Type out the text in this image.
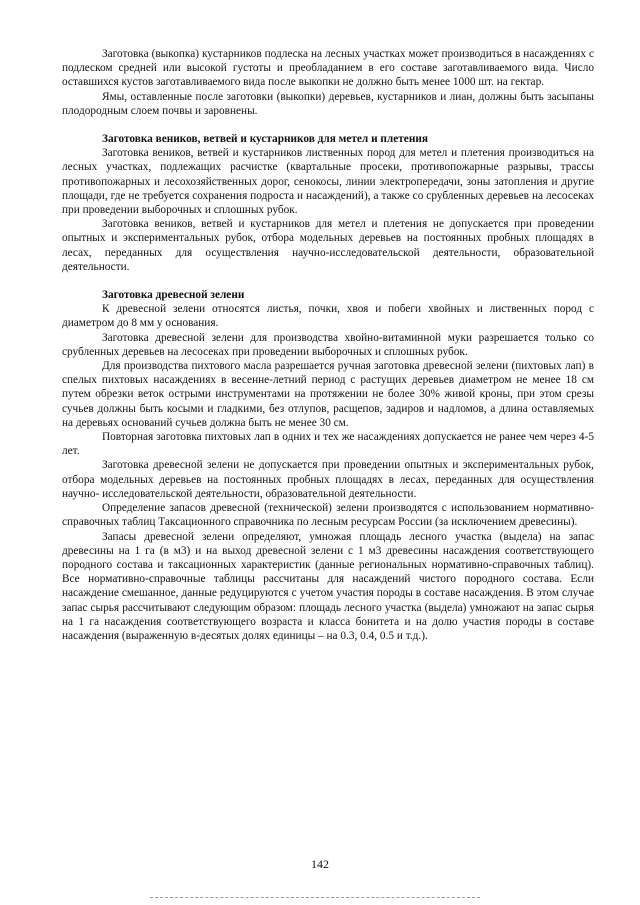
Заготовка (выкопка) кустарников подлеска на лесных участках может производиться в насаждениях с подлеском средней или высокой густоты и преобладанием в его составе заготавливаемого вида. Число оставшихся кустов заготавливаемого вида после выкопки не должно быть менее 1000 шт. на гектар.

Ямы, оставленные после заготовки (выкопки) деревьев, кустарников и лиан, должны быть засыпаны плодородным слоем почвы и заровнены.

Заготовка веников, ветвей и кустарников для метел и плетения

Заготовка веников, ветвей и кустарников лиственных пород для метел и плетения производиться на лесных участках, подлежащих расчистке (квартальные просеки, противопожарные разрывы, трассы противопожарных и лесохозяйственных дорог, сенокосы, линии электропередачи, зоны затопления и другие площади, где не требуется сохранения подроста и насаждений), а также со срубленных деревьев на лесосеках при проведении выборочных и сплошных рубок.

Заготовка веников, ветвей и кустарников для метел и плетения не допускается при проведении опытных и экспериментальных рубок, отбора модельных деревьев на постоянных пробных площадях в лесах, переданных для осуществления научно-исследовательской деятельности, образовательной деятельности.

Заготовка древесной зелени

К древесной зелени относятся листья, почки, хвоя и побеги хвойных и лиственных пород с диаметром до 8 мм у основания.

Заготовка древесной зелени для производства хвойно-витаминной муки разрешается только со срубленных деревьев на лесосеках при проведении выборочных и сплошных рубок.

Для производства пихтового масла разрешается ручная заготовка древесной зелени (пихтовых лап) в спелых пихтовых насаждениях в весенне-летний период с растущих деревьев диаметром не менее 18 см путем обрезки веток острыми инструментами на протяжении не более 30% живой кроны, при этом срезы сучьев должны быть косыми и гладкими, без отлупов, расщепов, задиров и надломов, а длина оставляемых на деревьях оснований сучьев должна быть не менее 30 см.

Повторная заготовка пихтовых лап в одних и тех же насаждениях допускается не ранее чем через 4-5 лет.

Заготовка древесной зелени не допускается при проведении опытных и экспериментальных рубок, отбора модельных деревьев на постоянных пробных площадях в лесах, переданных для осуществления научно- исследовательской деятельности, образовательной деятельности.

Определение запасов древесной (технической) зелени производятся с использованием нормативно-справочных таблиц Таксационного справочника по лесным ресурсам России (за исключением древесины).

Запасы древесной зелени определяют, умножая площадь лесного участка (выдела) на запас древесины на 1 га (в м3) и на выход древесной зелени с 1 м3 древесины насаждения соответствующего породного состава и таксационных характеристик (данные региональных нормативно-справочных таблиц). Все нормативно-справочные таблицы рассчитаны для насаждений чистого породного состава. Если насаждение смешанное, данные редуцируются с учетом участия породы в составе насаждения. В этом случае запас сырья рассчитывают следующим образом: площадь лесного участка (выдела) умножают на запас сырья на 1 га насаждения соответствующего возраста и класса бонитета и на долю участия породы в составе насаждения (выраженную в-десятых долях единицы – на 0.3, 0.4, 0.5 и т.д.).

142
